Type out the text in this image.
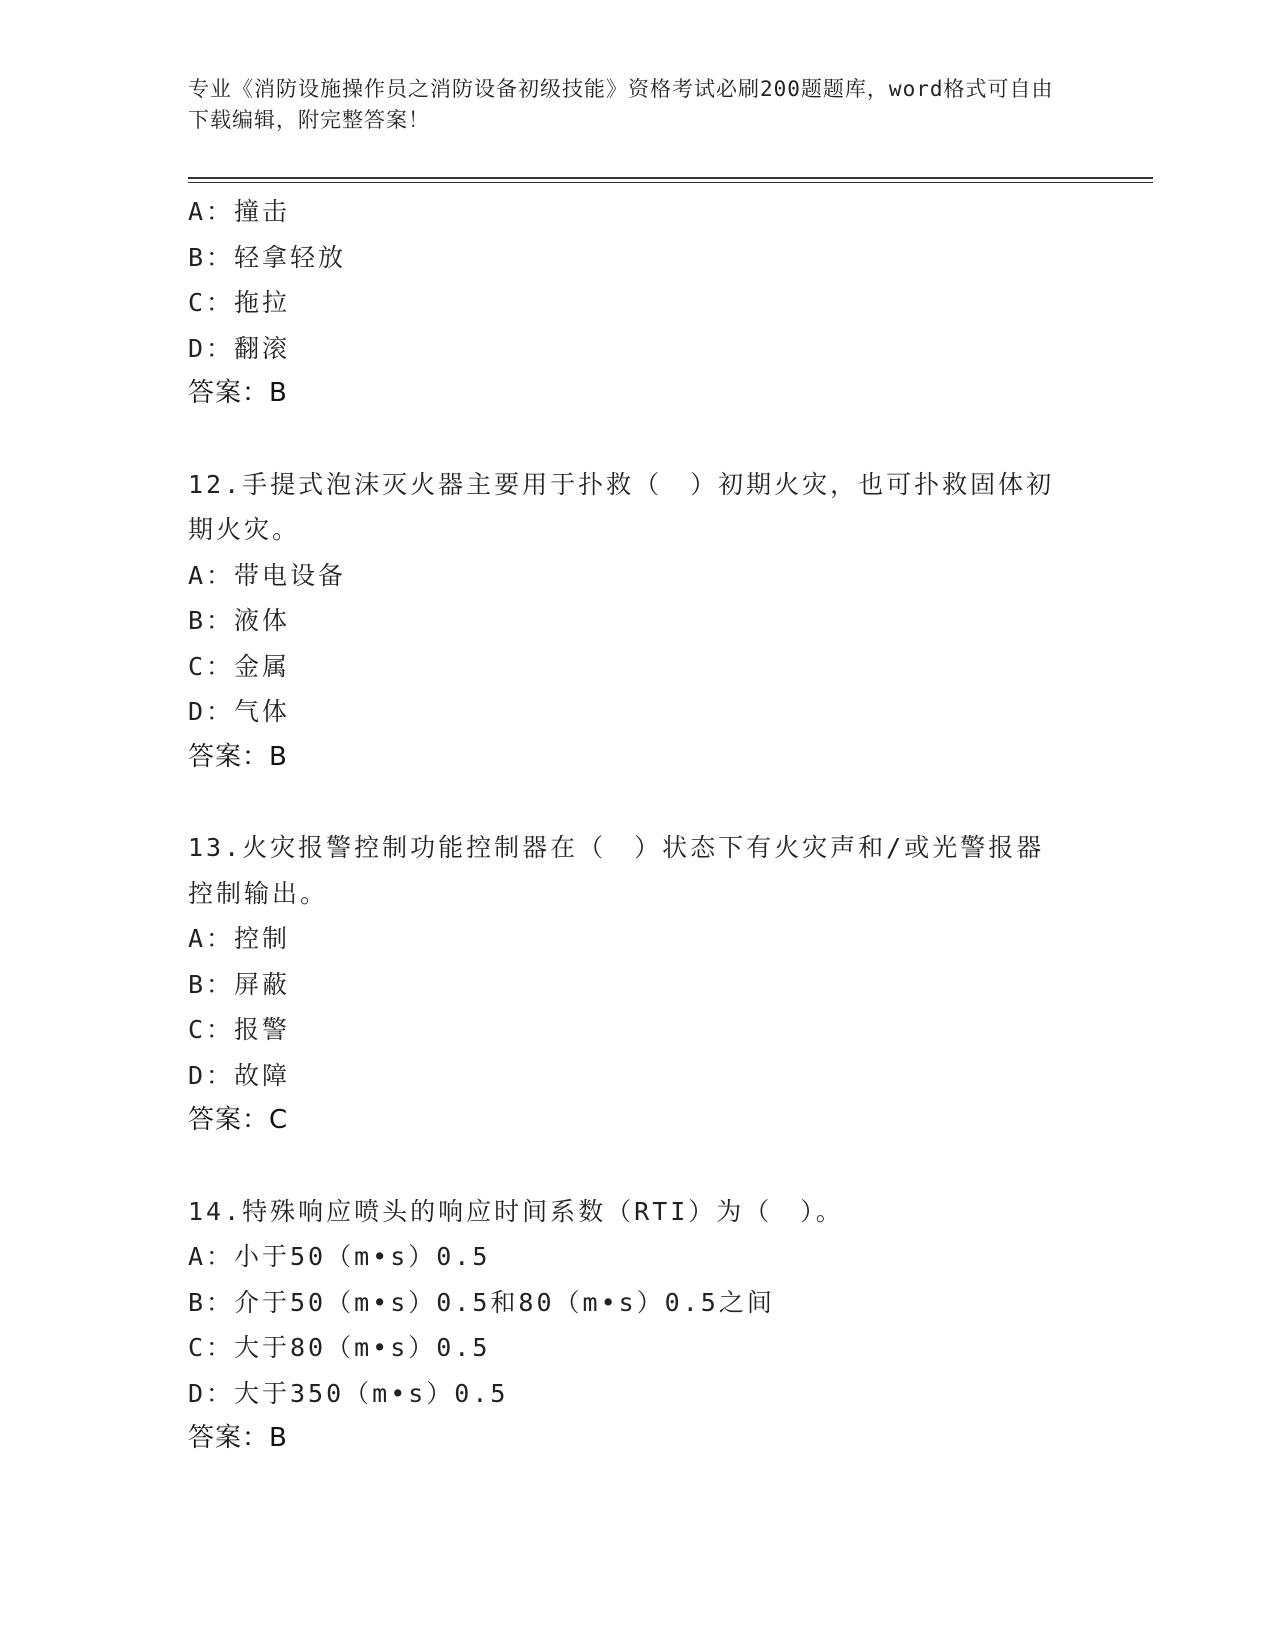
专业《消防设施操作员之消防设备初级技能》资格考试必刷200题题库，word格式可自由下载编辑，附完整答案！
A：撞击
B：轻拿轻放
C：拖拉
D：翻滚
答案：B
12.手提式泡沫灭火器主要用于扑救（　）初期火灾，也可扑救固体初期火灾。
A：带电设备
B：液体
C：金属
D：气体
答案：B
13.火灾报警控制功能控制器在（　）状态下有火灾声和/或光警报器控制输出。
A：控制
B：屏蔽
C：报警
D：故障
答案：C
14.特殊响应喷头的响应时间系数（RTI）为（　）。
A：小于50（m•s）0.5
B：介于50（m•s）0.5和80（m•s）0.5之间
C：大于80（m•s）0.5
D：大于350（m•s）0.5
答案：B
